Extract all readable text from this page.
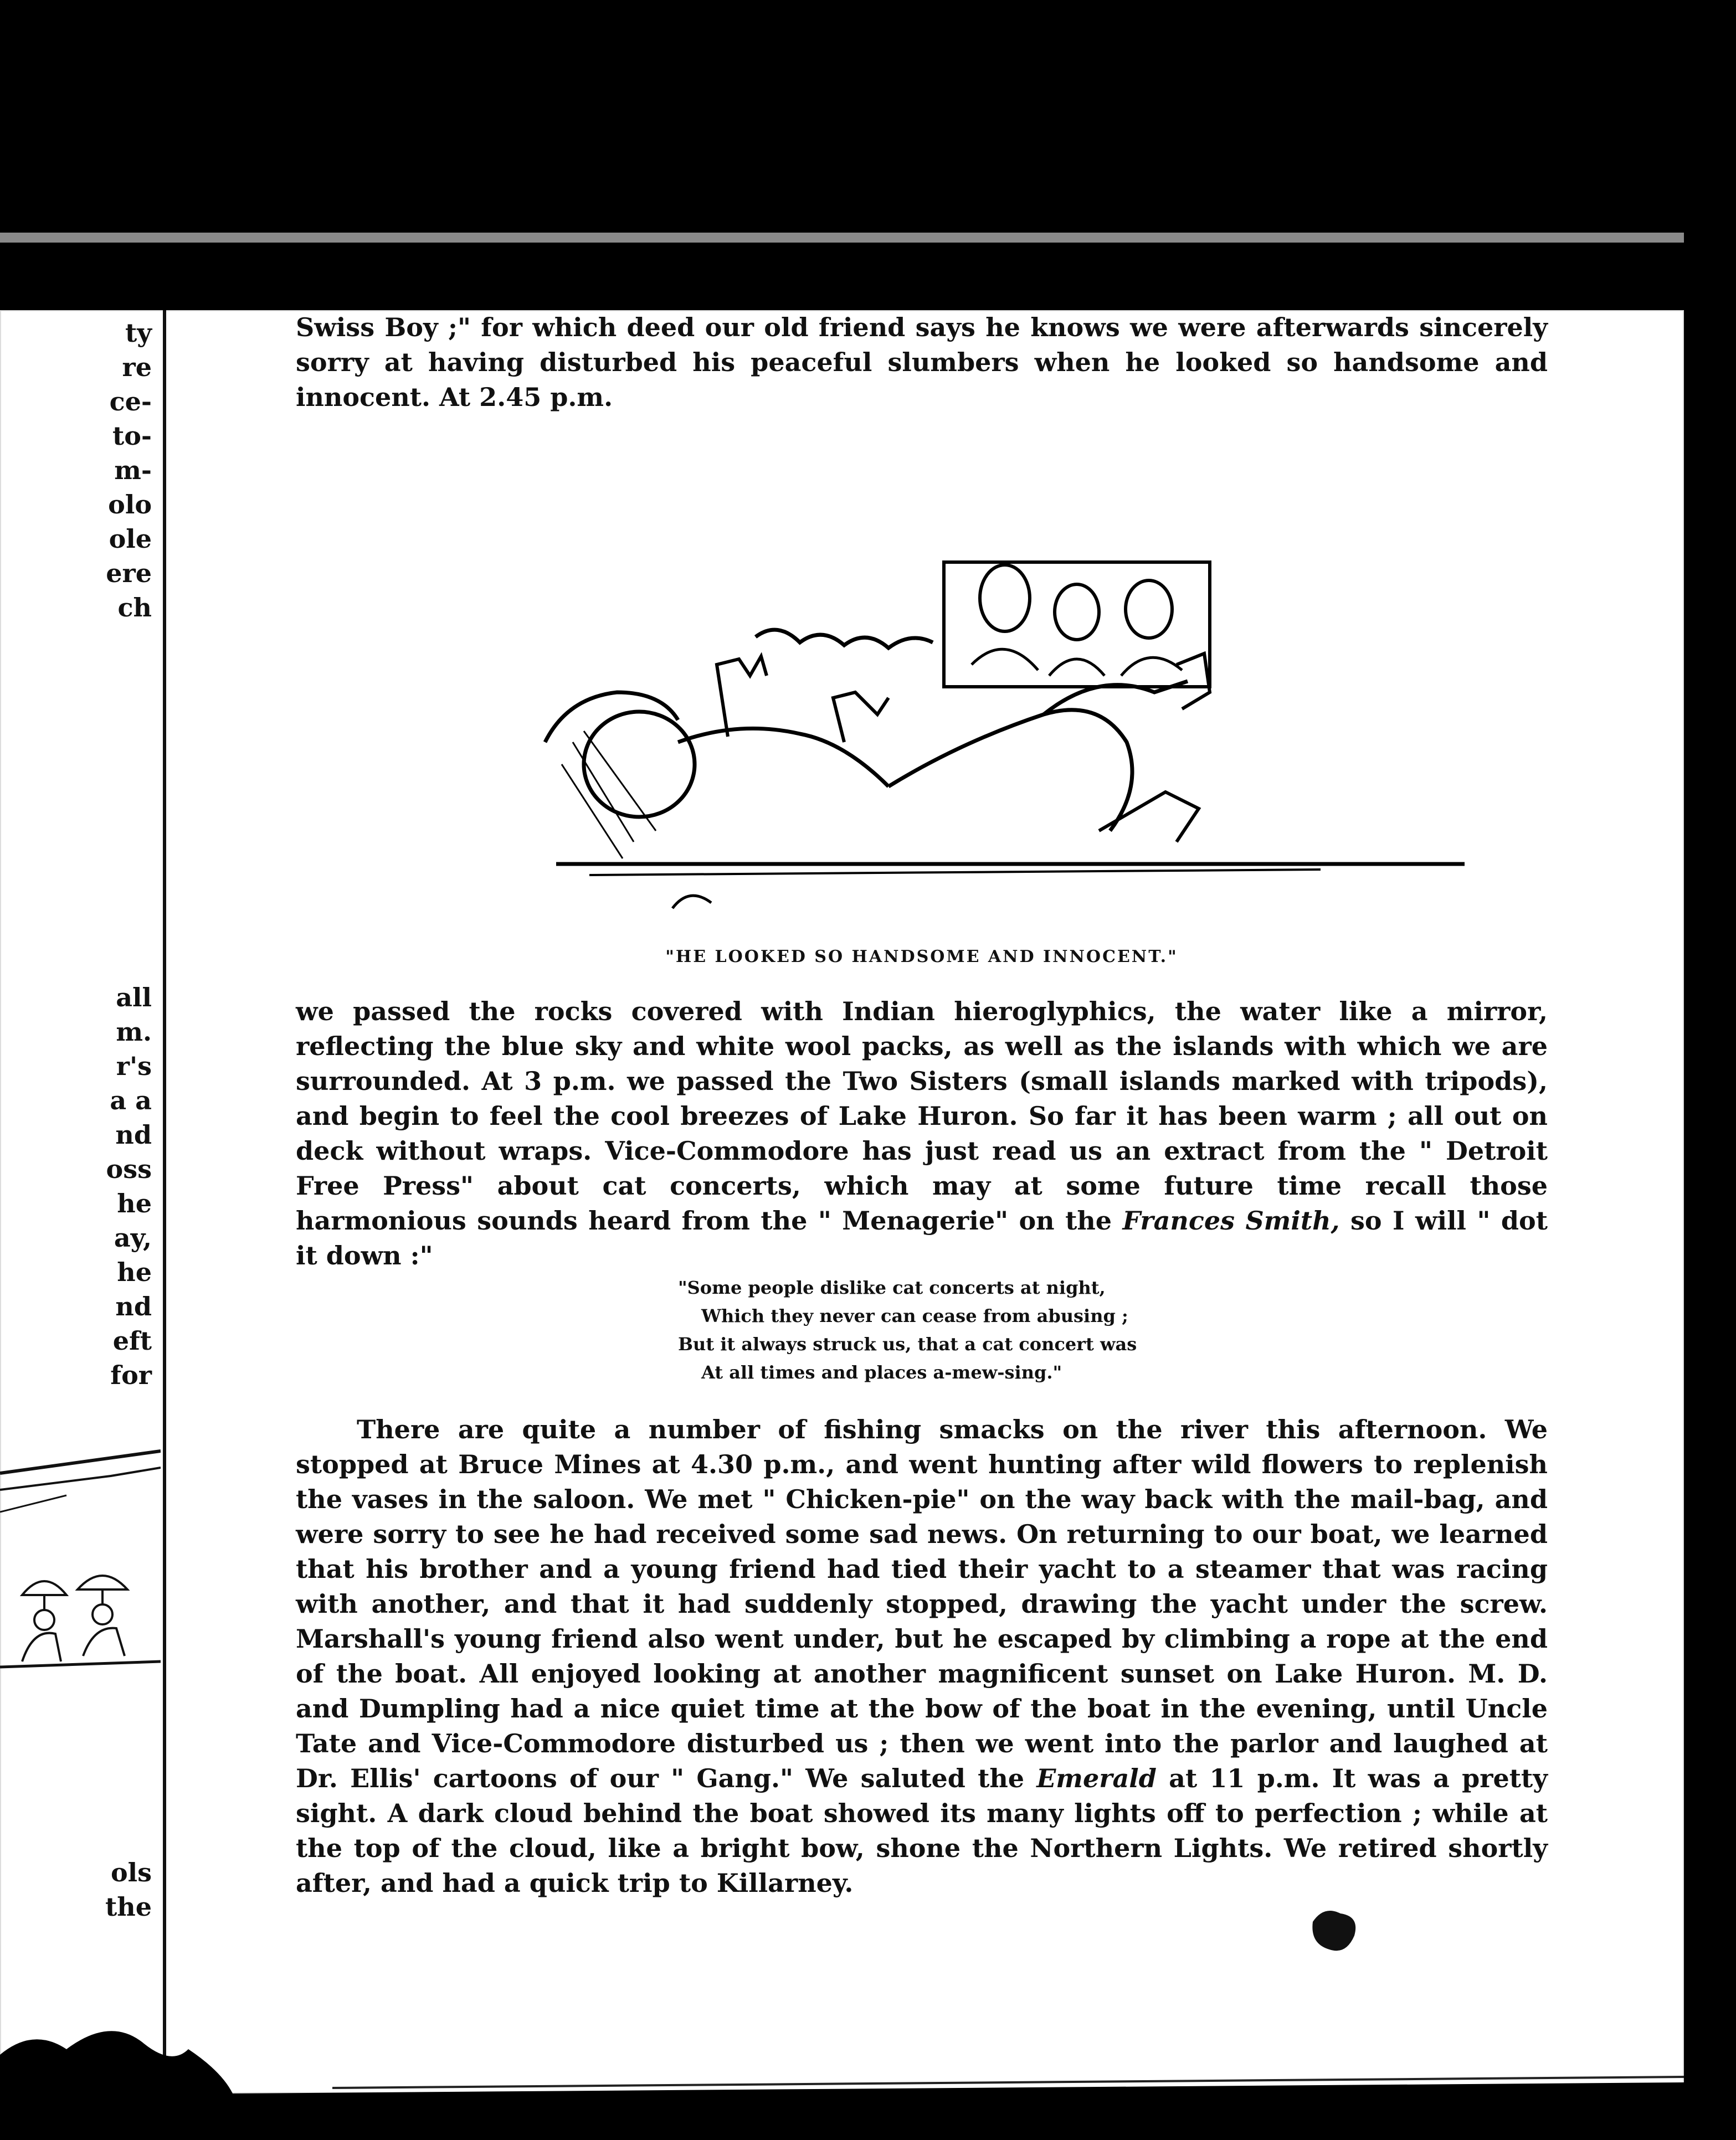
ty
re
ce-
to-
m-
olo
ole
ere
ch
all
m.
r's
a a
nd
oss
he
ay,
he
nd
eft
for
ols
the

Swiss Boy ;" for which deed our old friend says he knows we were afterwards sincerely sorry at having disturbed his peaceful slumbers when he looked so handsome and innocent. At 2.45 p.m.

"HE LOOKED SO HANDSOME AND INNOCENT."

we passed the rocks covered with Indian hieroglyphics, the water like a mirror, reflecting the blue sky and white wool packs, as well as the islands with which we are surrounded. At 3 p.m. we passed the Two Sisters (small islands marked with tripods), and begin to feel the cool breezes of Lake Huron. So far it has been warm ; all out on deck without wraps. Vice-Commodore has just read us an extract from the " Detroit Free Press" about cat concerts, which may at some future time recall those harmonious sounds heard from the " Menagerie" on the Frances Smith, so I will " dot it down :"

"Some people dislike cat concerts at night,
Which they never can cease from abusing ;
But it always struck us, that a cat concert was
At all times and places a-mew-sing."

There are quite a number of fishing smacks on the river this afternoon. We stopped at Bruce Mines at 4.30 p.m., and went hunting after wild flowers to replenish the vases in the saloon. We met " Chicken-pie" on the way back with the mail-bag, and were sorry to see he had received some sad news. On returning to our boat, we learned that his brother and a young friend had tied their yacht to a steamer that was racing with another, and that it had suddenly stopped, drawing the yacht under the screw. Marshall's young friend also went under, but he escaped by climbing a rope at the end of the boat. All enjoyed looking at another magnificent sunset on Lake Huron. M. D. and Dumpling had a nice quiet time at the bow of the boat in the evening, until Uncle Tate and Vice-Commodore disturbed us ; then we went into the parlor and laughed at Dr. Ellis' cartoons of our " Gang." We saluted the Emerald at 11 p.m. It was a pretty sight. A dark cloud behind the boat showed its many lights off to perfection ; while at the top of the cloud, like a bright bow, shone the Northern Lights. We retired shortly after, and had a quick trip to Killarney.
